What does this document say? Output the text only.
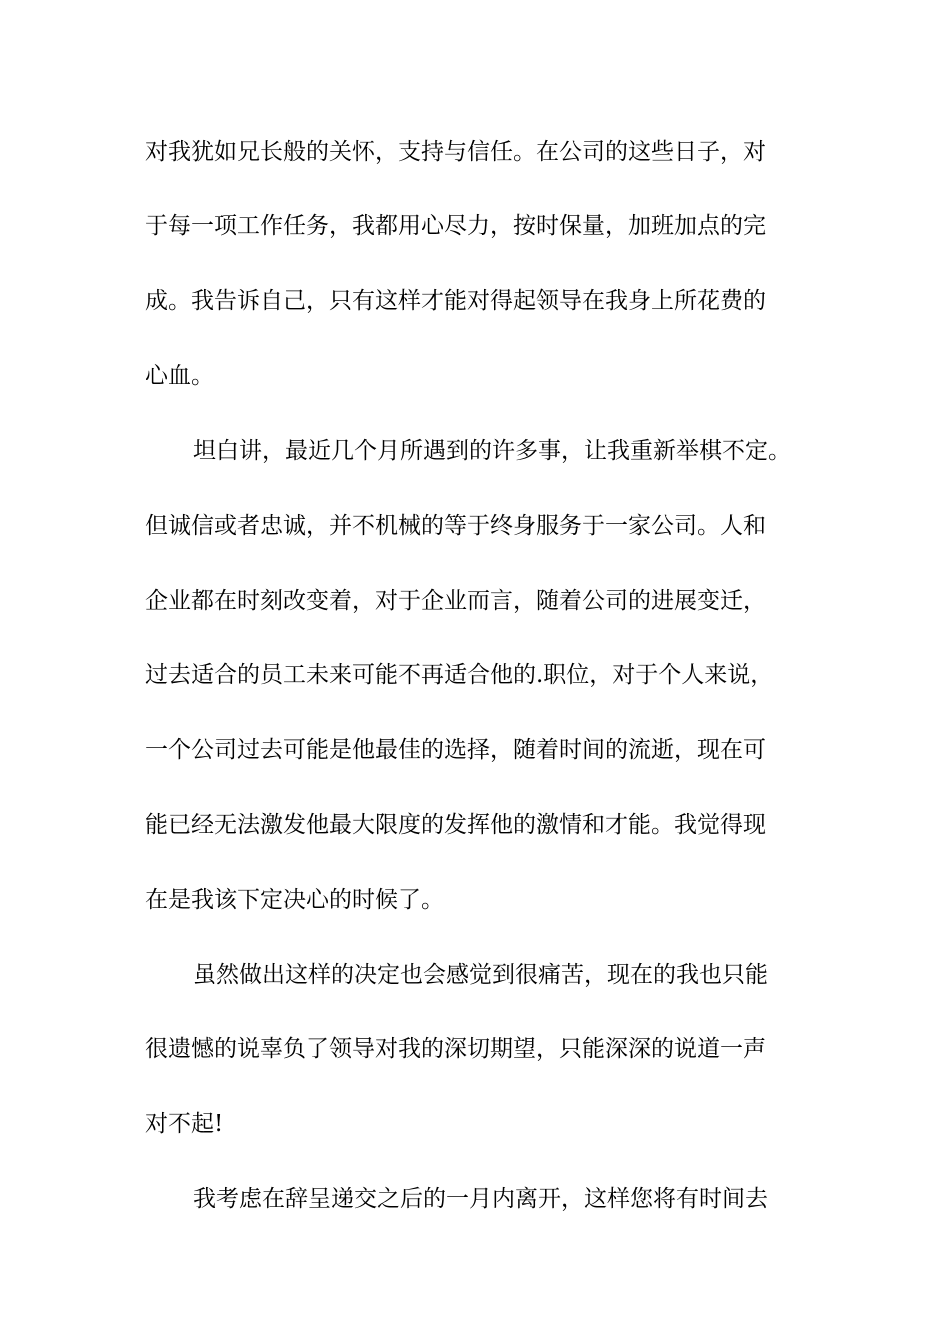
对我犹如兄长般的关怀，支持与信任。在公司的这些日子，对
于每一项工作任务，我都用心尽力，按时保量，加班加点的完
成。我告诉自己，只有这样才能对得起领导在我身上所花费的
心血。
坦白讲，最近几个月所遇到的许多事，让我重新举棋不定。
但诚信或者忠诚，并不机械的等于终身服务于一家公司。人和
企业都在时刻改变着，对于企业而言，随着公司的进展变迁，
过去适合的员工未来可能不再适合他的.职位，对于个人来说，
一个公司过去可能是他最佳的选择，随着时间的流逝，现在可
能已经无法激发他最大限度的发挥他的激情和才能。我觉得现
在是我该下定决心的时候了。
虽然做出这样的决定也会感觉到很痛苦，现在的我也只能
很遗憾的说辜负了领导对我的深切期望，只能深深的说道一声
对不起!
我考虑在辞呈递交之后的一月内离开，这样您将有时间去
